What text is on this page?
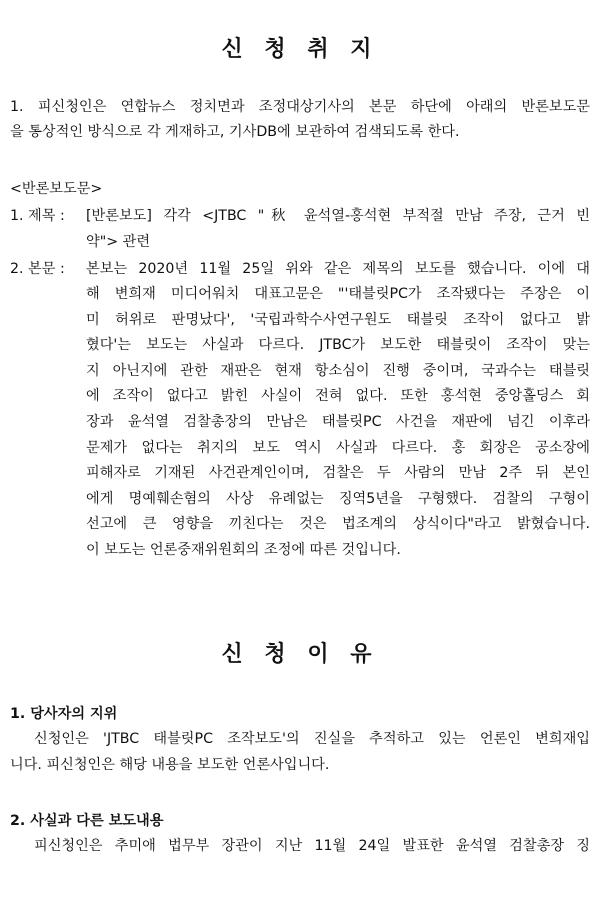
신 청 취 지
1. 피신청인은 연합뉴스 정치면과 조정대상기사의 본문 하단에 아래의 반론보도문
을 통상적인 방식으로 각 게재하고, 기사DB에 보관하여 검색되도록 한다.
<반론보도문>
1. 제목 :	[반론보도] 각각 <JTBC "秋 윤석열-홍석현 부적절 만남 주장, 근거 빈
약"> 관련
2. 본문 :	본보는 2020년 11월 25일 위와 같은 제목의 보도를 했습니다. 이에 대
해 변희재 미디어워치 대표고문은 "'태블릿PC가 조작됐다는 주장은 이
미 허위로 판명났다', '국립과학수사연구원도 태블릿 조작이 없다고 밝
혔다'는 보도는 사실과 다르다. JTBC가 보도한 태블릿이 조작이 맞는
지 아닌지에 관한 재판은 현재 항소심이 진행 중이며, 국과수는 태블릿
에 조작이 없다고 밝힌 사실이 전혀 없다. 또한 홍석현 중앙홀딩스 회
장과 윤석열 검찰총장의 만남은 태블릿PC 사건을 재판에 넘긴 이후라
문제가 없다는 취지의 보도 역시 사실과 다르다. 홍 회장은 공소장에
피해자로 기재된 사건관계인이며, 검찰은 두 사람의 만남 2주 뒤 본인
에게 명예훼손혐의 사상 유례없는 징역5년을 구형했다. 검찰의 구형이
선고에 큰 영향을 끼친다는 것은 법조계의 상식이다"라고 밝혔습니다.
이 보도는 언론중재위원회의 조정에 따른 것입니다.
신 청 이 유
1. 당사자의 지위
신청인은 'JTBC 태블릿PC 조작보도'의 진실을 추적하고 있는 언론인 변희재입
니다. 피신청인은 해당 내용을 보도한 언론사입니다.
2. 사실과 다른 보도내용
피신청인은 추미애 법무부 장관이 지난 11월 24일 발표한 윤석열 검찰총장 징
